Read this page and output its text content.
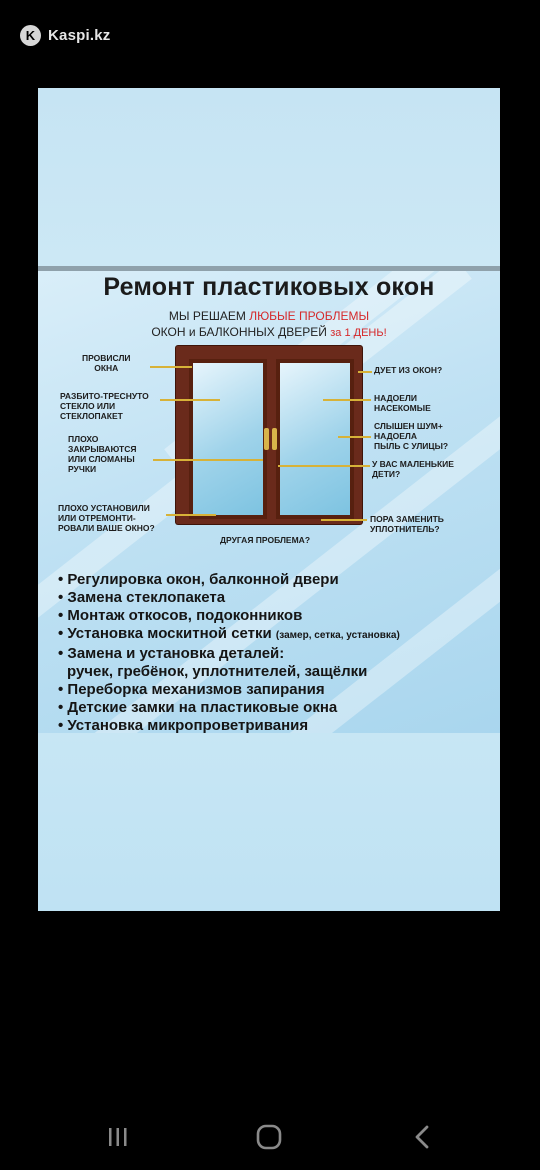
K Kaspi.kz
Ремонт пластиковых окон
МЫ РЕШАЕМ ЛЮБЫЕ ПРОБЛЕМЫ
ОКОН и БАЛКОННЫХ ДВЕРЕЙ за 1 ДЕНЬ!
ПРОВИСЛИ
ОКНА
РАЗБИТО-ТРЕСНУТО
СТЕКЛО ИЛИ
СТЕКЛОПАКЕТ
ПЛОХО
ЗАКРЫВАЮТСЯ
ИЛИ СЛОМАНЫ
РУЧКИ
ПЛОХО УСТАНОВИЛИ
ИЛИ ОТРЕМОНТИ-
РОВАЛИ ВАШЕ ОКНО?
ДУЕТ ИЗ ОКОН?
НАДОЕЛИ
НАСЕКОМЫЕ
СЛЫШЕН ШУМ+
НАДОЕЛА
ПЫЛЬ С УЛИЦЫ?
У ВАС МАЛЕНЬКИЕ
ДЕТИ?
ПОРА ЗАМЕНИТЬ
УПЛОТНИТЕЛЬ?
ДРУГАЯ ПРОБЛЕМА?
• Регулировка окон, балконной двери
• Замена стеклопакета
• Монтаж откосов, подоконников
• Установка москитной сетки (замер, сетка, установка)
• Замена и установка деталей:
ручек, гребёнок, уплотнителей, защёлки
• Переборка механизмов запирания
• Детские замки на пластиковые окна
• Установка микропроветривания
